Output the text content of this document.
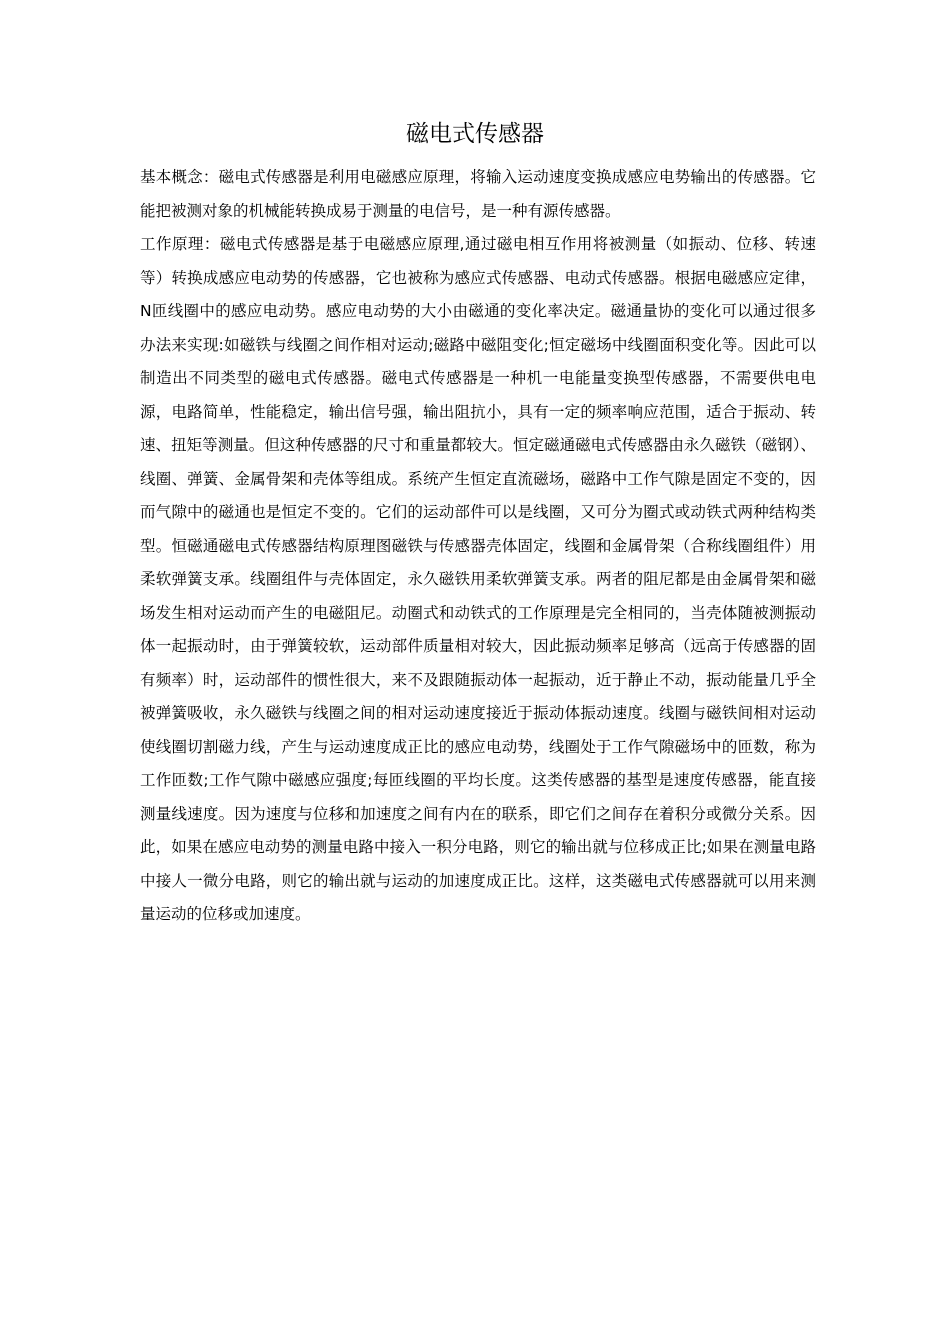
磁电式传感器

基本概念：磁电式传感器是利用电磁感应原理，将输入运动速度变换成感应电势输出的传感器。它能把被测对象的机械能转换成易于测量的电信号，是一种有源传感器。

工作原理：磁电式传感器是基于电磁感应原理,通过磁电相互作用将被测量（如振动、位移、转速等）转换成感应电动势的传感器，它也被称为感应式传感器、电动式传感器。根据电磁感应定律，N匝线圈中的感应电动势。感应电动势的大小由磁通的变化率决定。磁通量协的变化可以通过很多办法来实现:如磁铁与线圈之间作相对运动;磁路中磁阻变化;恒定磁场中线圈面积变化等。因此可以制造出不同类型的磁电式传感器。磁电式传感器是一种机一电能量变换型传感器，不需要供电电源，电路简单，性能稳定，输出信号强，输出阻抗小，具有一定的频率响应范围，适合于振动、转速、扭矩等测量。但这种传感器的尺寸和重量都较大。恒定磁通磁电式传感器由永久磁铁（磁钢）、线圈、弹簧、金属骨架和壳体等组成。系统产生恒定直流磁场，磁路中工作气隙是固定不变的，因而气隙中的磁通也是恒定不变的。它们的运动部件可以是线圈，又可分为圈式或动铁式两种结构类型。恒磁通磁电式传感器结构原理图磁铁与传感器壳体固定，线圈和金属骨架（合称线圈组件）用柔软弹簧支承。线圈组件与壳体固定，永久磁铁用柔软弹簧支承。两者的阻尼都是由金属骨架和磁场发生相对运动而产生的电磁阻尼。动圈式和动铁式的工作原理是完全相同的，当壳体随被测振动体一起振动时，由于弹簧较软，运动部件质量相对较大，因此振动频率足够高（远高于传感器的固有频率）时，运动部件的惯性很大，来不及跟随振动体一起振动，近于静止不动，振动能量几乎全被弹簧吸收，永久磁铁与线圈之间的相对运动速度接近于振动体振动速度。线圈与磁铁间相对运动使线圈切割磁力线，产生与运动速度成正比的感应电动势，线圈处于工作气隙磁场中的匝数，称为工作匝数;工作气隙中磁感应强度;每匝线圈的平均长度。这类传感器的基型是速度传感器，能直接测量线速度。因为速度与位移和加速度之间有内在的联系，即它们之间存在着积分或微分关系。因此，如果在感应电动势的测量电路中接入一积分电路，则它的输出就与位移成正比;如果在测量电路中接人一微分电路，则它的输出就与运动的加速度成正比。这样，这类磁电式传感器就可以用来测量运动的位移或加速度。
